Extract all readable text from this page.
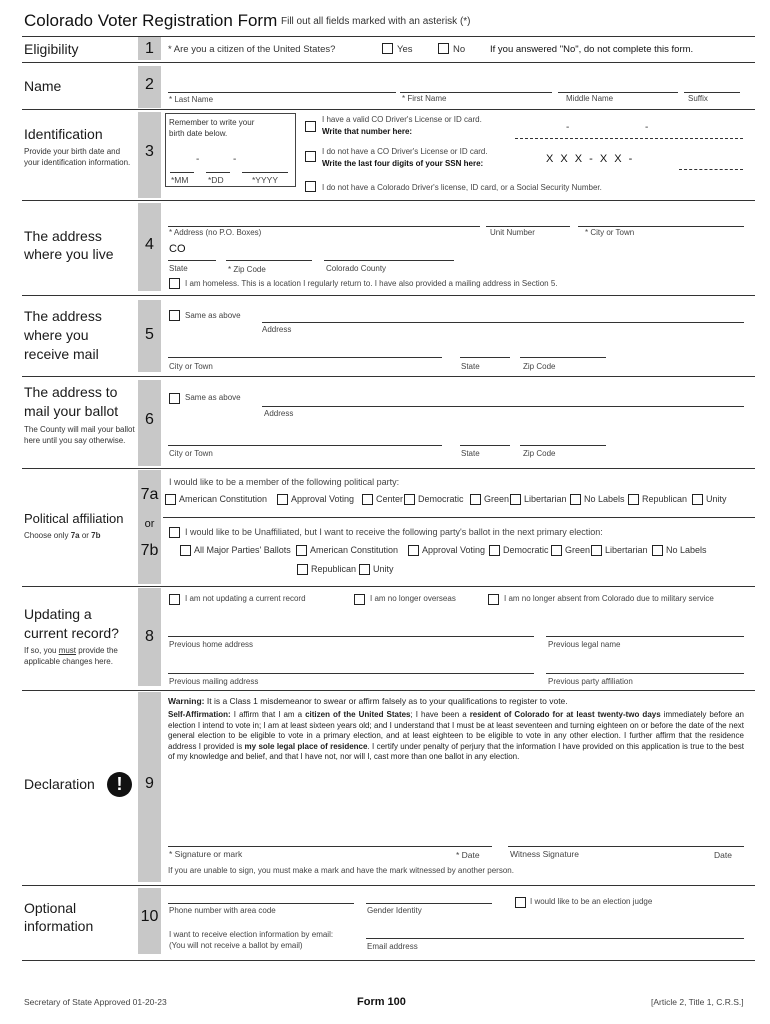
Colorado Voter Registration Form Fill out all fields marked with an asterisk (*)
Eligibility	1	* Are you a citizen of the United States?	Yes	No	If you answered "No", do not complete this form.
Name	2
* Last Name	* First Name	Middle Name	Suffix
Identification
Provide your birth date and your identification information.
3
Remember to write your birth date below.
-	-
*MM *DD	*YYYY
I have a valid CO Driver's License or ID card.
Write that number here:	-	-
I do not have a CO Driver's License or ID card.
Write the last four digits of your SSN here:	X X X - X X -
I do not have a Colorado Driver's license, ID card, or a Social Security Number.
The address
where you live
4
* Address (no P.O. Boxes)	Unit Number	* City or Town
CO
State	* Zip Code	Colorado County
I am homeless. This is a location I regularly return to. I have also provided a mailing address in Section 5.
The address
where you
receive mail
5
Same as above
Address
City or Town	State	Zip Code
The address to
mail your ballot
The County will mail your ballot here until you say otherwise.
6
Same as above
Address
City or Town	State	Zip Code
Political affiliation
Choose only 7a or 7b
7a
or
7b
I would like to be a member of the following political party:
American Constitution	Approval Voting Center Democratic Green Libertarian No Labels Republican Unity
I would like to be Unaffiliated, but I want to receive the following party's ballot in the next primary election:
All Major Parties' Ballots American Constitution	Approval Voting Democratic Green Libertarian No Labels
Republican Unity
Updating a
current record?
If so, you must provide the applicable changes here.
8
I am not updating a current record	I am no longer overseas	I am no longer absent from Colorado due to military service
Previous home address	Previous legal name
Previous mailing address	Previous party affiliation
Declaration	!	9
Warning: It is a Class 1 misdemeanor to swear or affirm falsely as to your qualifications to register to vote.
Self-Affirmation: I affirm that I am a citizen of the United States; I have been a resident of Colorado for at least twenty-two days immediately before an election I intend to vote in; I am at least sixteen years old; and I understand that I must be at least seventeen and turning eighteen on or before the date of the next general election to be eligible to vote in a primary election, and at least eighteen to be eligible to vote in any other election. I further affirm that the residence address I provided is my sole legal place of residence. I certify under penalty of perjury that the information I have provided on this application is true to the best of my knowledge and belief, and that I have not, nor will I, cast more than one ballot in any election.
* Signature or mark	* Date	Witness Signature	Date
If you are unable to sign, you must make a mark and have the mark witnessed by another person.
Optional
information
10	Phone number with area code	Gender Identity
I would like to be an election judge
I want to receive election information by email:
(You will not receive a ballot by email)	Email address
Secretary of State Approved 01-20-23	Form 100	[Article 2, Title 1, C.R.S.]
